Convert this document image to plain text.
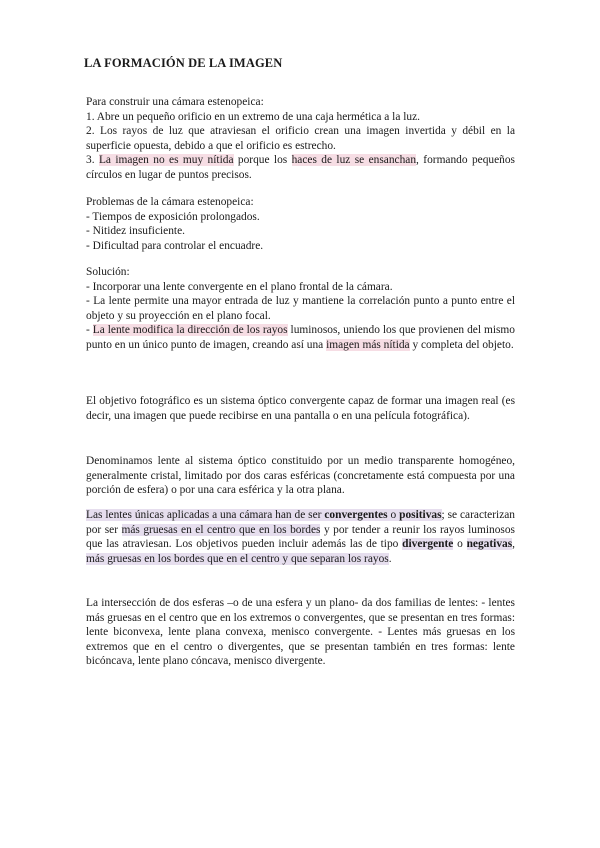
LA FORMACIÓN DE LA IMAGEN
Para construir una cámara estenopeica:
1. Abre un pequeño orificio en un extremo de una caja hermética a la luz.
2. Los rayos de luz que atraviesan el orificio crean una imagen invertida y débil en la superficie opuesta, debido a que el orificio es estrecho.
3. La imagen no es muy nítida porque los haces de luz se ensanchan, formando pequeños círculos en lugar de puntos precisos.
Problemas de la cámara estenopeica:
- Tiempos de exposición prolongados.
- Nitidez insuficiente.
- Dificultad para controlar el encuadre.
Solución:
- Incorporar una lente convergente en el plano frontal de la cámara.
- La lente permite una mayor entrada de luz y mantiene la correlación punto a punto entre el objeto y su proyección en el plano focal.
- La lente modifica la dirección de los rayos luminosos, uniendo los que provienen del mismo punto en un único punto de imagen, creando así una imagen más nítida y completa del objeto.
El objetivo fotográfico es un sistema óptico convergente capaz de formar una imagen real (es decir, una imagen que puede recibirse en una pantalla o en una película fotográfica).
Denominamos lente al sistema óptico constituido por un medio transparente homogéneo, generalmente cristal, limitado por dos caras esféricas (concretamente está compuesta por una porción de esfera) o por una cara esférica y la otra plana.
Las lentes únicas aplicadas a una cámara han de ser convergentes o positivas; se caracterizan por ser más gruesas en el centro que en los bordes y por tender a reunir los rayos luminosos que las atraviesan. Los objetivos pueden incluir además las de tipo divergente o negativas, más gruesas en los bordes que en el centro y que separan los rayos.
La intersección de dos esferas –o de una esfera y un plano- da dos familias de lentes: - lentes más gruesas en el centro que en los extremos o convergentes, que se presentan en tres formas: lente biconvexa, lente plana convexa, menisco convergente. - Lentes más gruesas en los extremos que en el centro o divergentes, que se presentan también en tres formas: lente bicóncava, lente plano cóncava, menisco divergente.
